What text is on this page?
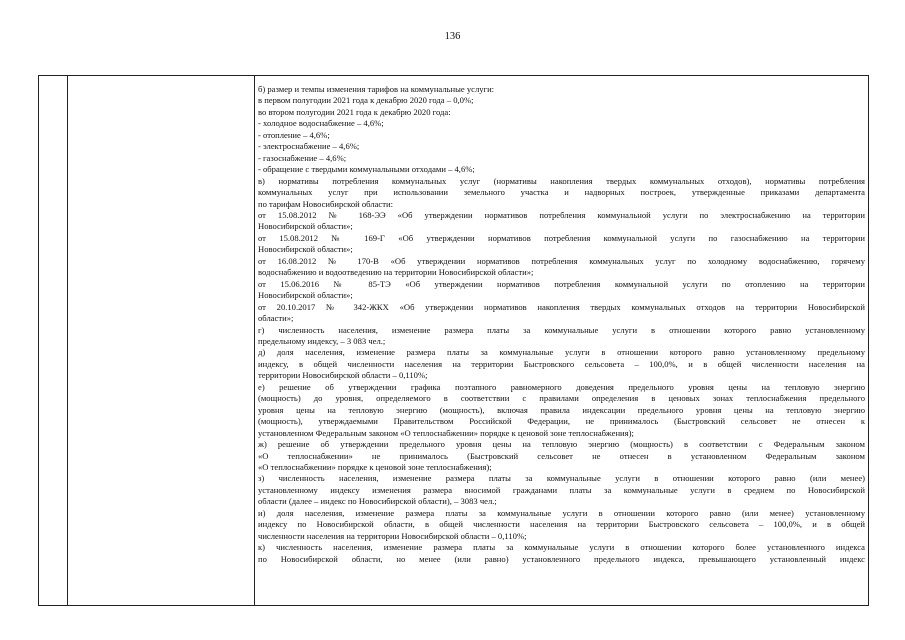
136
б) размер и темпы изменения тарифов на коммунальные услуги:
в первом полугодии 2021 года к декабрю 2020 года – 0,0%;
во втором полугодии 2021 года к декабрю 2020 года:
- холодное водоснабжение – 4,6%;
- отопление – 4,6%;
- электроснабжение – 4,6%;
- газоснабжение – 4,6%;
- обращение с твердыми коммунальными отходами – 4,6%;
в) нормативы потребления коммунальных услуг (нормативы накопления твердых коммунальных отходов), нормативы потребления
коммунальных услуг при использовании земельного участка и надворных построек, утвержденные приказами департамента
по тарифам Новосибирской области:
от 15.08.2012 № 168-ЭЭ «Об утверждении нормативов потребления коммунальной услуги по электроснабжению на территории
Новосибирской области»;
от 15.08.2012 № 169-Г «Об утверждении нормативов потребления коммунальной услуги по газоснабжению на территории
Новосибирской области»;
от 16.08.2012 № 170-В «Об утверждении нормативов потребления коммунальных услуг по холодному водоснабжению, горячему
водоснабжению и водоотведению на территории Новосибирской области»;
от 15.06.2016 № 85-ТЭ «Об утверждении нормативов потребления коммунальной услуги по отоплению на территории
Новосибирской области»;
от 20.10.2017 № 342-ЖКХ «Об утверждении нормативов накопления твердых коммунальных отходов на территории Новосибирской
области»;
г) численность населения, изменение размера платы за коммунальные услуги в отношении которого равно установленному
предельному индексу, – 3 083 чел.;
д) доля населения, изменение размера платы за коммунальные услуги в отношении которого равно установленному предельному
индексу, в общей численности населения на территории Быстровского сельсовета – 100,0%, и в общей численности населения на
территории Новосибирской области – 0,110%;
е) решение об утверждении графика поэтапного равномерного доведения предельного уровня цены на тепловую энергию
(мощность) до уровня, определяемого в соответствии с правилами определения в ценовых зонах теплоснабжения предельного
уровня цены на тепловую энергию (мощность), включая правила индексации предельного уровня цены на тепловую энергию
(мощность), утверждаемыми Правительством Российской Федерации, не принималось (Быстровский сельсовет не отнесен к
установленном Федеральным законом «О теплоснабжении» порядке к ценовой зоне теплоснабжения);
ж) решение об утверждении предельного уровня цены на тепловую энергию (мощность) в соответствии с Федеральным законом
«О теплоснабжении» не принималось (Быстровский сельсовет не отнесен в установленном Федеральным законом
«О теплоснабжении» порядке к ценовой зоне теплоснабжения);
з) численность населения, изменение размера платы за коммунальные услуги в отношении которого равно (или менее)
установленному индексу изменения размера вносимой гражданами платы за коммунальные услуги в среднем по Новосибирской
области (далее – индекс по Новосибирской области), – 3083 чел.;
и) доля населения, изменение размера платы за коммунальные услуги в отношении которого равно (или менее) установленному
индексу по Новосибирской области, в общей численности населения на территории Быстровского сельсовета – 100,0%, и в общей
численности населения на территории Новосибирской области – 0,110%;
к) численность населения, изменение размера платы за коммунальные услуги в отношении которого более установленного индекса
по Новосибирской области, но менее (или равно) установленного предельного индекса, превышающего установленный индекс
